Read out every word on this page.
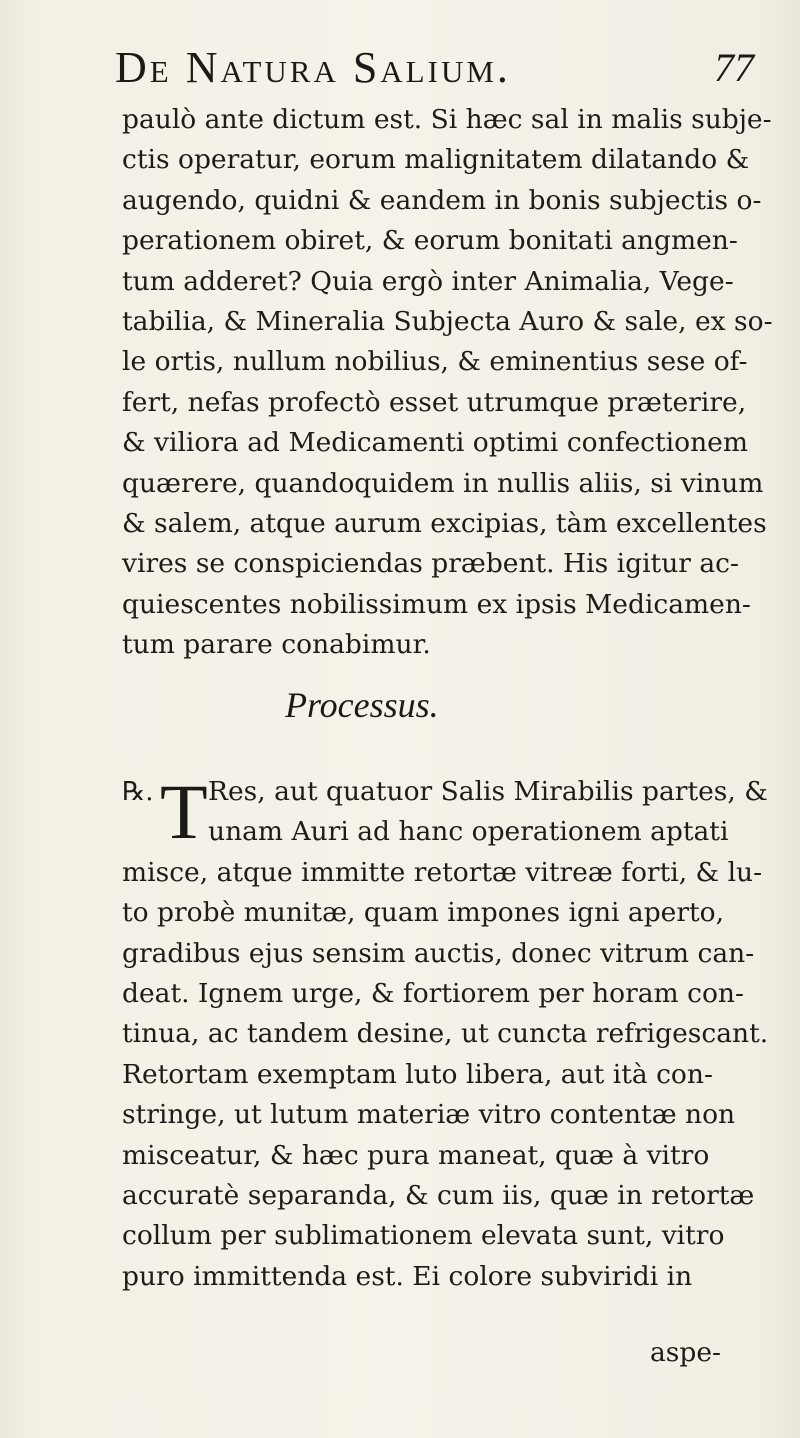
De Natura Salium.	77
paulò ante dictum est. Si hæc sal in malis subje-
ctis operatur, eorum malignitatem dilatando &
augendo, quidni & eandem in bonis subjectis o-
perationem obiret, & eorum bonitati angmen-
tum adderet? Quia ergò inter Animalia, Vege-
tabilia, & Mineralia Subjecta Auro & sale, ex so-
le ortis, nullum nobilius, & eminentius sese of-
fert, nefas profectò esset utrumque præterire,
& viliora ad Medicamenti optimi confectionem
quærere, quandoquidem in nullis aliis, si vinum
& salem, atque aurum excipias, tàm excellentes
vires se conspiciendas præbent. His igitur ac-
quiescentes nobilissimum ex ipsis Medicamen-
tum parare conabimur.
Processus.
℞. T Res, aut quatuor Salis Mirabilis partes, &
unam Auri ad hanc operationem aptati
misce, atque immitte retortæ vitreæ forti, & lu-
to probè munitæ, quam impones igni aperto,
gradibus ejus sensim auctis, donec vitrum can-
deat. Ignem urge, & fortiorem per horam con-
tinua, ac tandem desine, ut cuncta refrigescant.
Retortam exemptam luto libera, aut ità con-
stringe, ut lutum materiæ vitro contentæ non
misceatur, & hæc pura maneat, quæ à vitro
accuratè separanda, & cum iis, quæ in retortæ
collum per sublimationem elevata sunt, vitro
puro immittenda est. Ei colore subviridi in
aspe-
